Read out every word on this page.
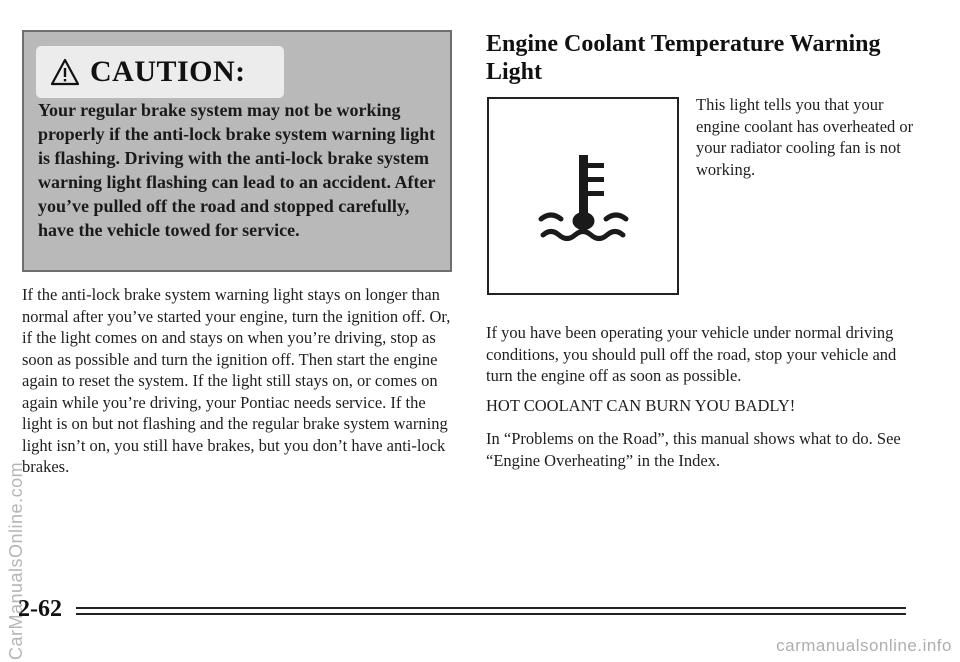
CAUTION:

Your regular brake system may not be working properly if the anti-lock brake system warning light is flashing. Driving with the anti-lock brake system warning light flashing can lead to an accident. After you’ve pulled off the road and stopped carefully, have the vehicle towed for service.

If the anti-lock brake system warning light stays on longer than normal after you’ve started your engine, turn the ignition off. Or, if the light comes on and stays on when you’re driving, stop as soon as possible and turn the ignition off. Then start the engine again to reset the system. If the light still stays on, or comes on again while you’re driving, your Pontiac needs service. If the light is on but not flashing and the regular brake system warning light isn’t on, you still have brakes, but you don’t have anti-lock brakes.

Engine Coolant Temperature Warning Light

This light tells you that your engine coolant has overheated or your radiator cooling fan is not working.

If you have been operating your vehicle under normal driving conditions, you should pull off the road, stop your vehicle and turn the engine off as soon as possible.

HOT COOLANT CAN BURN YOU BADLY!

In “Problems on the Road”, this manual shows what to do. See “Engine Overheating” in the Index.

2-62
CarManualsOnline.com	carmanualsonline.info
